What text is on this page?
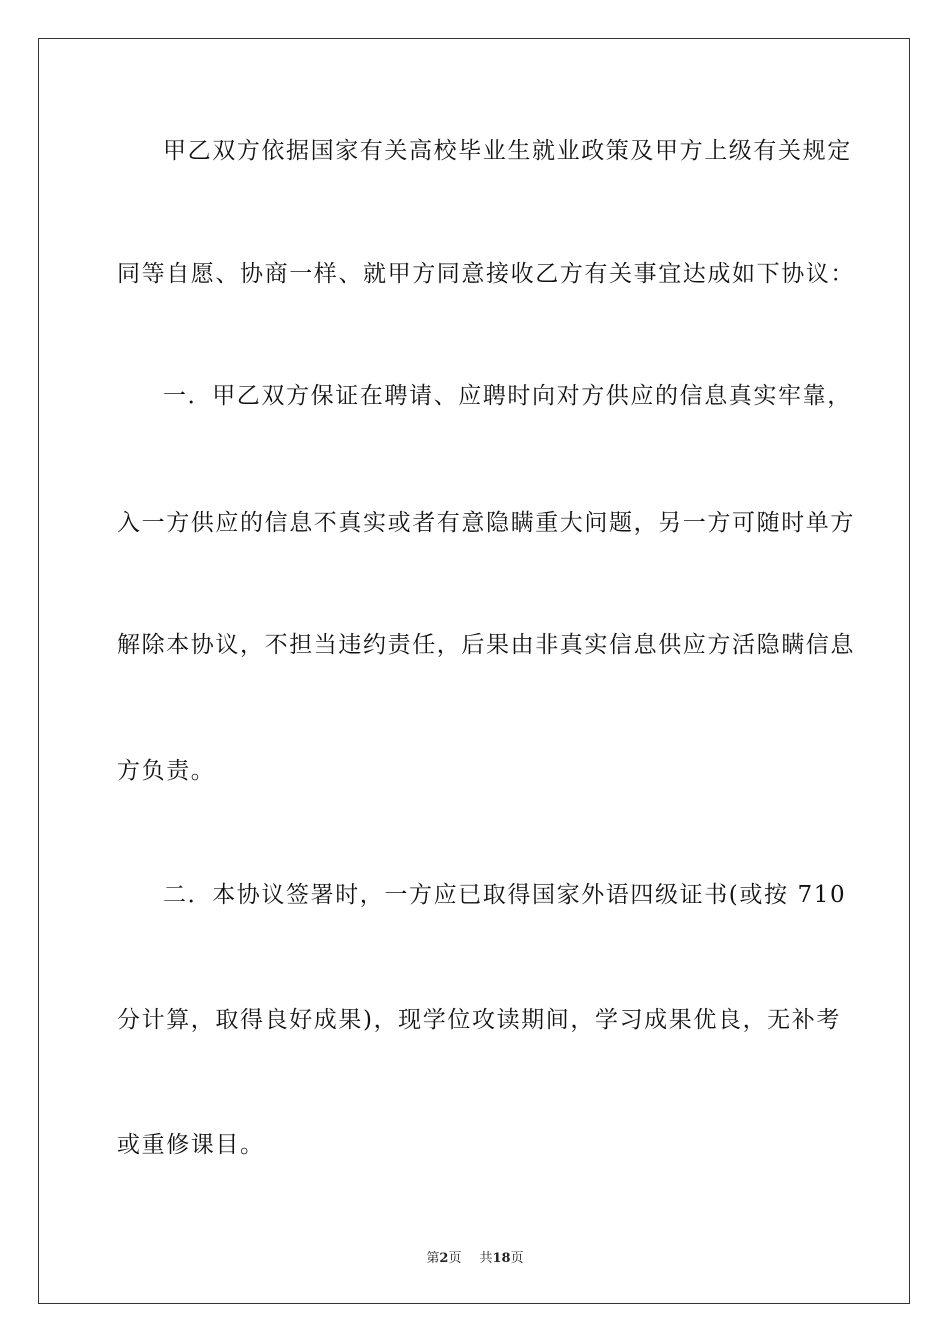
甲乙双方依据国家有关高校毕业生就业政策及甲方上级有关规定
同等自愿、协商一样、就甲方同意接收乙方有关事宜达成如下协议：
一．甲乙双方保证在聘请、应聘时向对方供应的信息真实牢靠，
入一方供应的信息不真实或者有意隐瞒重大问题，另一方可随时单方
解除本协议，不担当违约责任，后果由非真实信息供应方活隐瞒信息
方负责。
二．本协议签署时，一方应已取得国家外语四级证书(或按 710
分计算，取得良好成果)，现学位攻读期间，学习成果优良，无补考
或重修课目。
第2页 共18页
